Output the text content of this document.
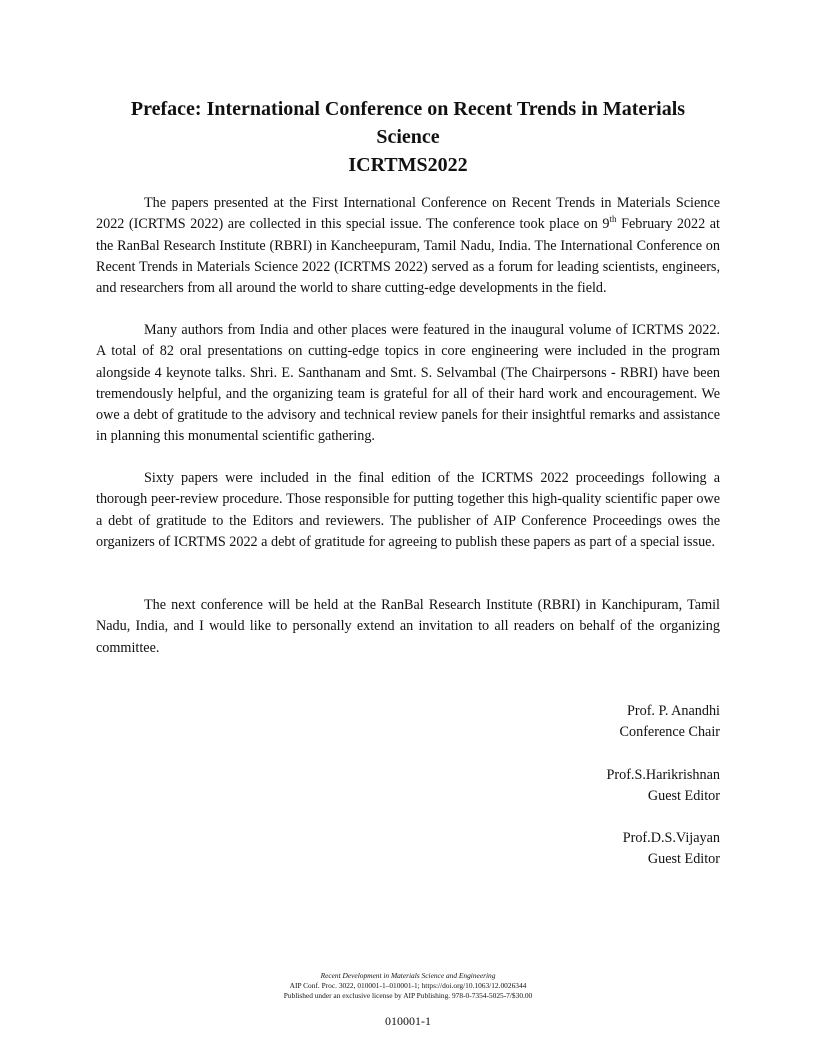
Preface: International Conference on Recent Trends in Materials
Science
ICRTMS2022

The papers presented at the First International Conference on Recent Trends in Materials Science 2022 (ICRTMS 2022) are collected in this special issue. The conference took place on 9th February 2022 at the RanBal Research Institute (RBRI) in Kancheepuram, Tamil Nadu, India. The International Conference on Recent Trends in Materials Science 2022 (ICRTMS 2022) served as a forum for leading scientists, engineers, and researchers from all around the world to share cutting-edge developments in the field.

Many authors from India and other places were featured in the inaugural volume of ICRTMS 2022. A total of 82 oral presentations on cutting-edge topics in core engineering were included in the program alongside 4 keynote talks. Shri. E. Santhanam and Smt. S. Selvambal (The Chairpersons - RBRI) have been tremendously helpful, and the organizing team is grateful for all of their hard work and encouragement. We owe a debt of gratitude to the advisory and technical review panels for their insightful remarks and assistance in planning this monumental scientific gathering.

Sixty papers were included in the final edition of the ICRTMS 2022 proceedings following a thorough peer-review procedure. Those responsible for putting together this high-quality scientific paper owe a debt of gratitude to the Editors and reviewers. The publisher of AIP Conference Proceedings owes the organizers of ICRTMS 2022 a debt of gratitude for agreeing to publish these papers as part of a special issue.

The next conference will be held at the RanBal Research Institute (RBRI) in Kanchipuram, Tamil Nadu, India, and I would like to personally extend an invitation to all readers on behalf of the organizing committee.

Prof. P. Anandhi
Conference Chair
Prof.S.Harikrishnan
Guest Editor
Prof.D.S.Vijayan
Guest Editor
Recent Development in Materials Science and Engineering
AIP Conf. Proc. 3022, 010001-1–010001-1; https://doi.org/10.1063/12.0026344
Published under an exclusive license by AIP Publishing. 978-0-7354-5025-7/$30.00
010001-1
